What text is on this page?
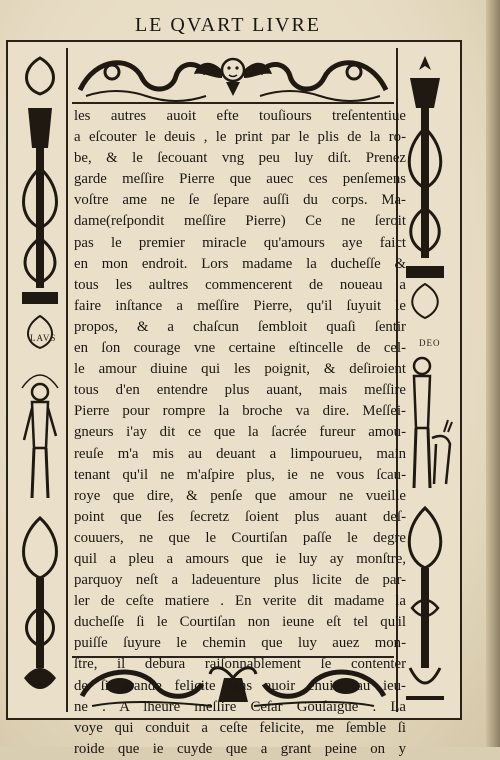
LE QVART LIVRE
LAVS	DEO
les autres auoit efte touſiours treſententiue
a eſcouter le deuis , le print par le plis de la ro-
be, & le ſecouant vng peu luy diſt. Prenez
garde meſſire Pierre que auec ces penſemens
voſtre ame ne ſe ſepare auſſi du corps. Ma-
dame(reſpondit meſſire Pierre) Ce ne ſeroit
pas le premier miracle qu'amours aye faict
en mon endroit. Lors madame la ducheſſe &
tous les aultres commencerent de noueau a
faire inſtance a meſſire Pierre, qu'il ſuyuit le
propos, & a chaſcun ſembloit quaſi ſentir
en ſon courage vne certaine eſtincelle de cel-
le amour diuine qui les poignit, & deſiroient
tous d'en entendre plus auant, mais meſſire
Pierre pour rompre la broche va dire. Meſſei-
gneurs i'ay dit ce que la ſacrée fureur amou-
reuſe m'a mis au deuant a limpourueu, main
tenant qu'il ne m'aſpire plus, ie ne vous ſcau-
roye que dire, & penſe que amour ne vueille
point que ſes ſecretz ſoient plus auant deſ-
couuers, ne que le Courtiſan paſſe le degre
quil a pleu a amours que ie luy ay monſtre,
parquoy neſt a ladeuenture plus licite de par-
ler de ceſte matiere . En verite dit madame la
ducheſſe ſi le Courtiſan non ieune eſt tel qu'il
puiſſe ſuyure le chemin que luy auez mon-
ſtre, il debura raiſonnablement ſe contenter
de ſi grande felicite ſans auoir enuie, au ieu-
ne . A lheure meſſire Ceſar Gouſaigue . La
voye qui conduit a ceſte felicite, me ſemble ſi
roide que ie cuyde que a grant peine on y
